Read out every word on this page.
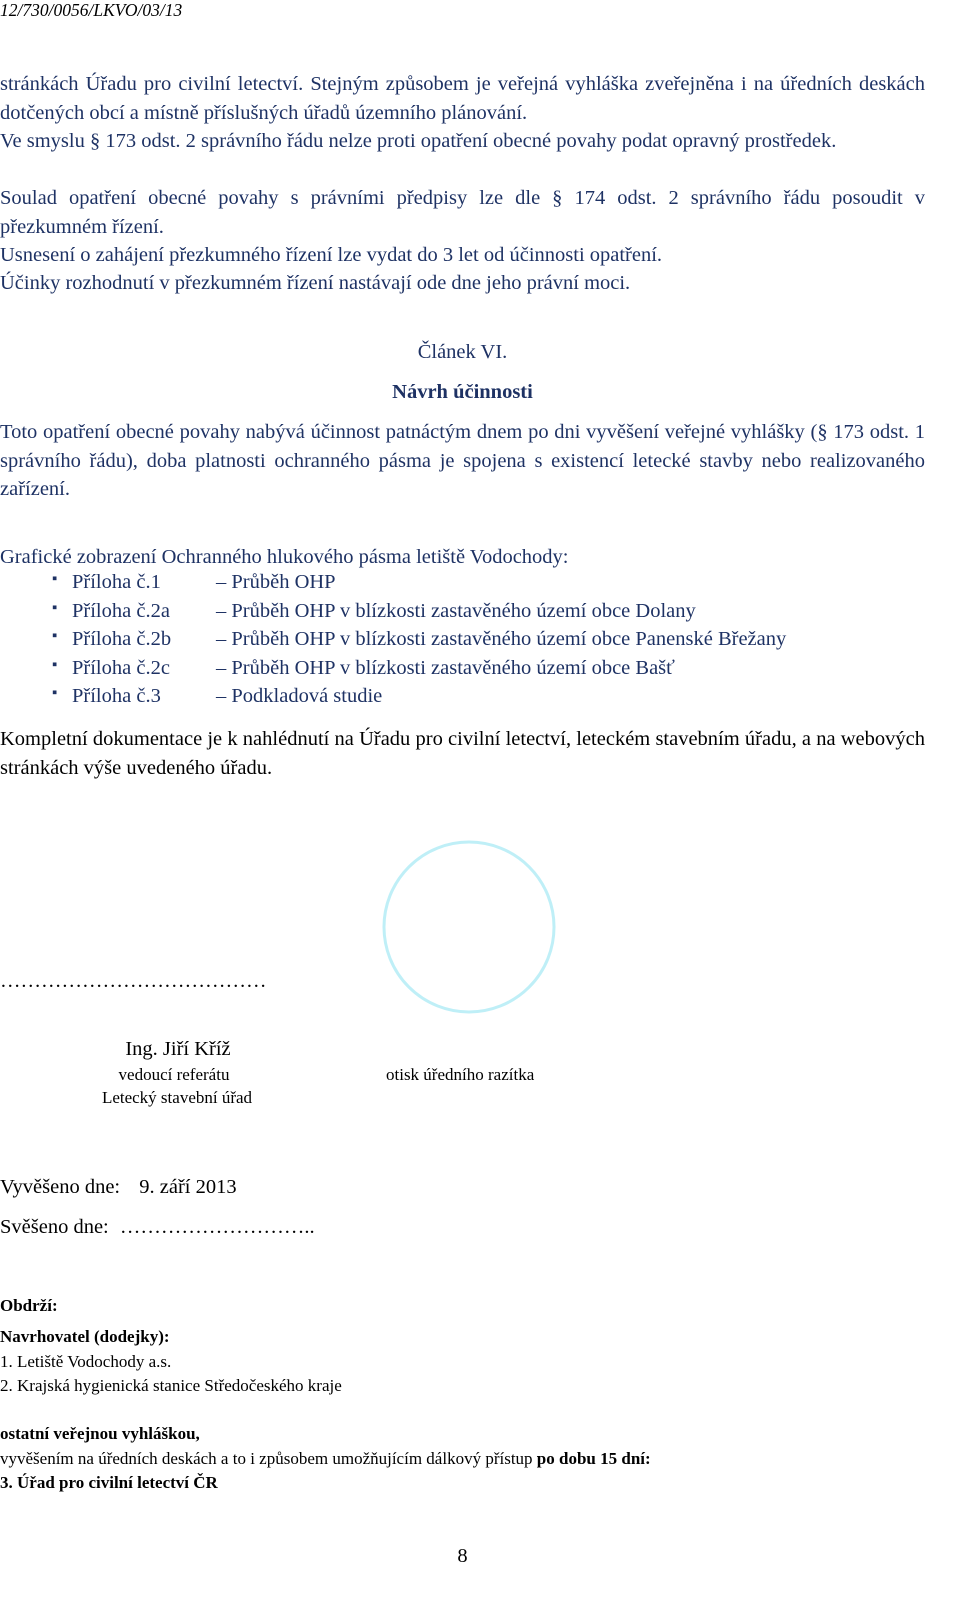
12/730/0056/LKVO/03/13
stránkách Úřadu pro civilní letectví. Stejným způsobem je veřejná vyhláška zveřejněna i na úředních deskách dotčených obcí a místně příslušných úřadů územního plánování.
Ve smyslu § 173 odst. 2 správního řádu nelze proti opatření obecné povahy podat opravný prostředek.
Soulad opatření obecné povahy s právními předpisy lze dle § 174 odst. 2 správního řádu posoudit v přezkumném řízení.
Usnesení o zahájení přezkumného řízení lze vydat do 3 let od účinnosti opatření.
Účinky rozhodnutí v přezkumném řízení nastávají ode dne jeho právní moci.
Článek VI.
Návrh účinnosti
Toto opatření obecné povahy nabývá účinnost patnáctým dnem po dni vyvěšení veřejné vyhlášky (§ 173 odst. 1 správního řádu), doba platnosti ochranného pásma je spojena s existencí letecké stavby nebo realizovaného zařízení.
Grafické zobrazení Ochranného hlukového pásma letiště Vodochody:
▪ Příloha č.1	– Průběh OHP
▪ Příloha č.2a – Průběh OHP v blízkosti zastavěného území obce Dolany
▪ Příloha č.2b – Průběh OHP v blízkosti zastavěného území obce Panenské Břežany
▪ Příloha č.2c – Průběh OHP v blízkosti zastavěného území obce Bašť
▪ Příloha č.3	– Podkladová studie
Kompletní dokumentace je k nahlédnutí na Úřadu pro civilní letectví, leteckém stavebním úřadu, a na webových stránkách výše uvedeného úřadu.
…………………………………
Ing. Jiří Kříž
vedoucí referátu
Letecký stavební úřad
otisk úředního razítka
Vyvěšeno dne: 9. září 2013
Svěšeno dne: ………………………..
Obdrží:
Navrhovatel (dodejky):
1. Letiště Vodochody a.s.
2. Krajská hygienická stanice Středočeského kraje
ostatní veřejnou vyhláškou,
vyvěšením na úředních deskách a to i způsobem umožňujícím dálkový přístup po dobu 15 dní:
3. Úřad pro civilní letectví ČR
8
